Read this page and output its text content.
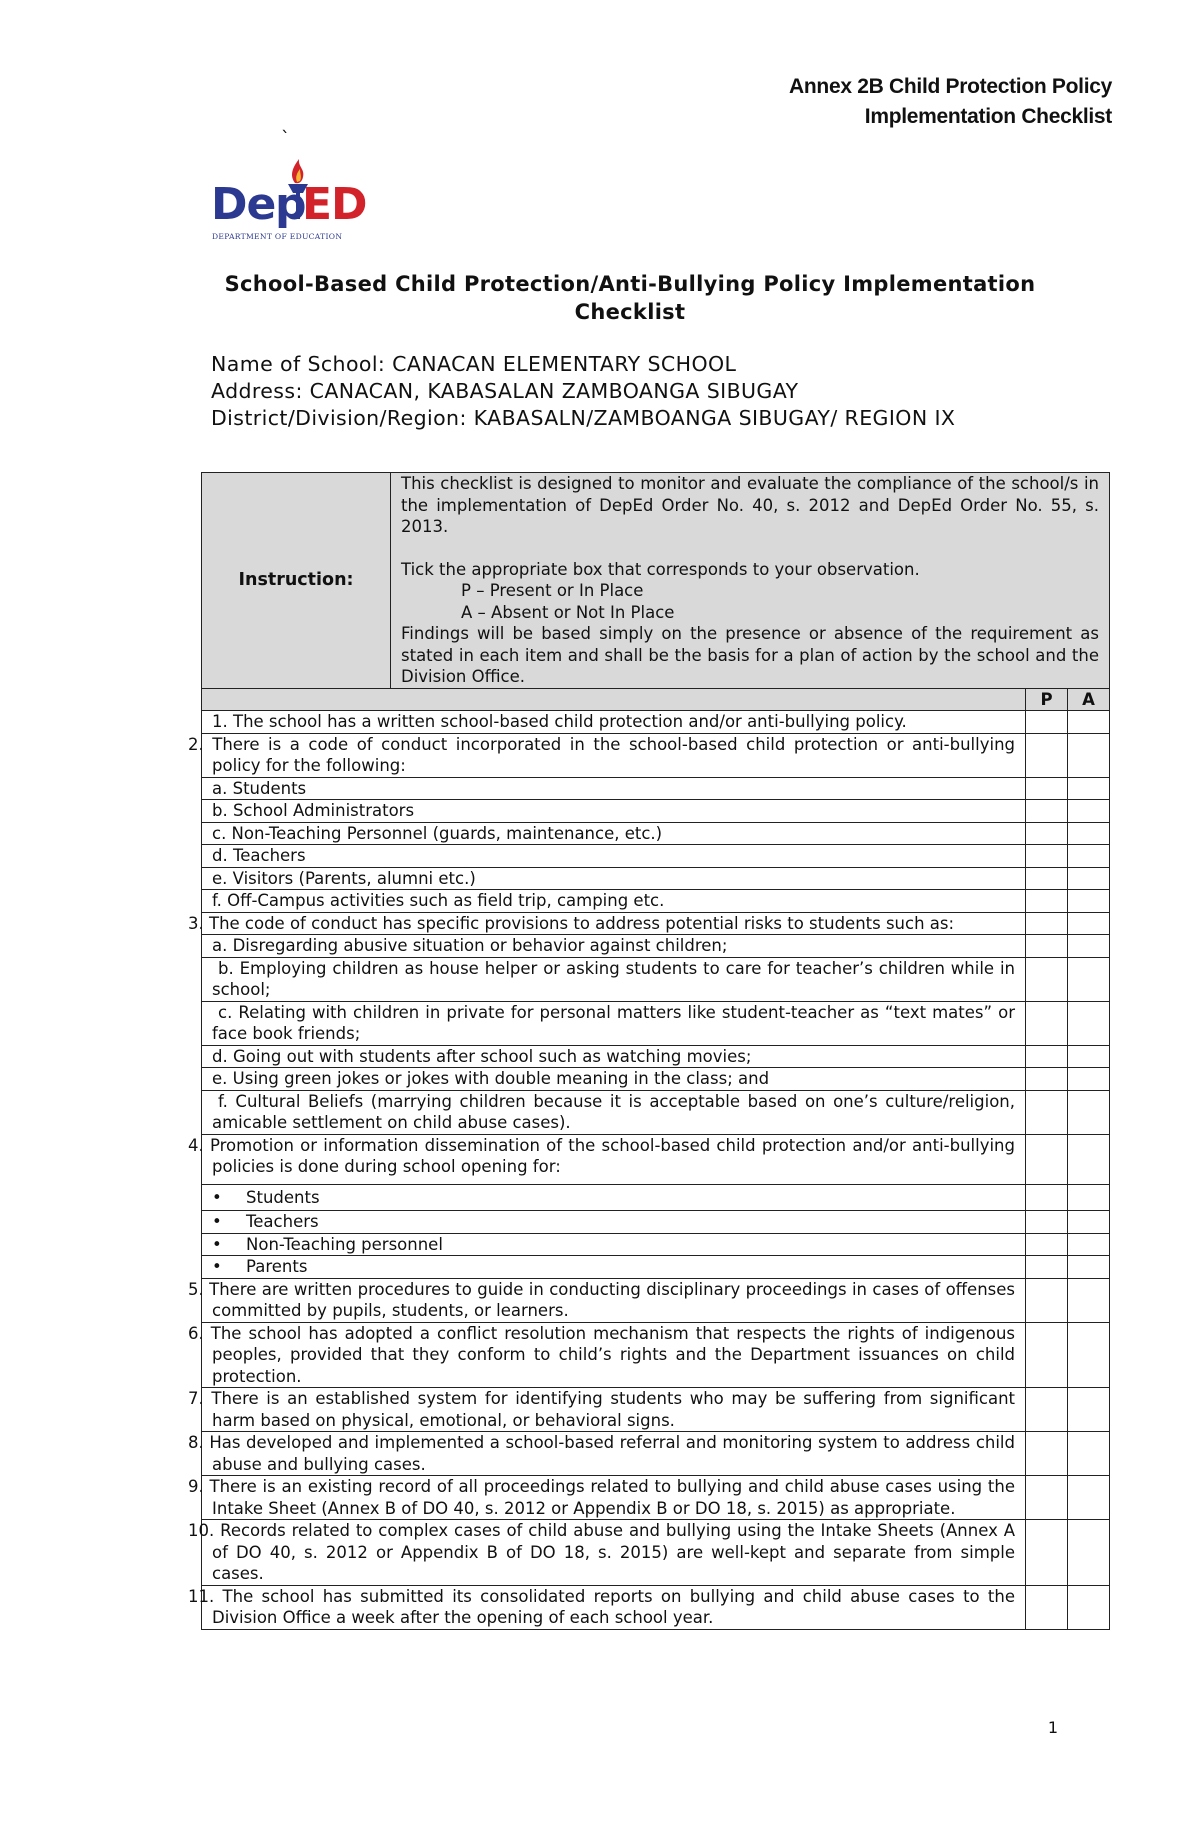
Annex 2B Child Protection Policy
Implementation Checklist
`
De p
ED
DEPARTMENT OF EDUCATION
School-Based Child Protection/Anti-Bullying Policy Implementation
Checklist
Name of School: CANACAN ELEMENTARY SCHOOL
Address: CANACAN, KABASALAN ZAMBOANGA SIBUGAY
District/Division/Region: KABASALN/ZAMBOANGA SIBUGAY/ REGION IX
Instruction:	This checklist is designed to monitor and evaluate the compliance of the school/s in the implementation of DepEd Order No. 40, s. 2012 and DepEd Order No. 55, s. 2013.
Tick the appropriate box that corresponds to your observation.
P – Present or In Place
A – Absent or Not In Place
Findings will be based simply on the presence or absence of the requirement as stated in each item and shall be the basis for a plan of action by the school and the Division Office.		

		P	A
1. The school has a written school-based child protection and/or anti-bullying policy.			
2. There is a code of conduct incorporated in the school-based child protection or anti-bullying policy for the following:			
a. Students			
b. School Administrators			
c. Non-Teaching Personnel (guards, maintenance, etc.)			
d. Teachers			
e. Visitors (Parents, alumni etc.)			
f. Off-Campus activities such as field trip, camping etc.			
3. The code of conduct has specific provisions to address potential risks to students such as:			
a. Disregarding abusive situation or behavior against children;			
b. Employing children as house helper or asking students to care for teacher’s children while in school;			
c. Relating with children in private for personal matters like student-teacher as “text mates” or face book friends;			
d. Going out with students after school such as watching movies;			
e. Using green jokes or jokes with double meaning in the class; and			
f. Cultural Beliefs (marrying children because it is acceptable based on one’s culture/religion, amicable settlement on child abuse cases).			
4. Promotion or information dissemination of the school-based child protection and/or anti-bullying policies is done during school opening for:			
• Students			
• Teachers			
• Non-Teaching personnel			
• Parents			
5. There are written procedures to guide in conducting disciplinary proceedings in cases of offenses committed by pupils, students, or learners.			
6. The school has adopted a conflict resolution mechanism that respects the rights of indigenous peoples, provided that they conform to child’s rights and the Department issuances on child protection.			
7. There is an established system for identifying students who may be suffering from significant harm based on physical, emotional, or behavioral signs.			
8. Has developed and implemented a school-based referral and monitoring system to address child abuse and bullying cases.			
9. There is an existing record of all proceedings related to bullying and child abuse cases using the Intake Sheet (Annex B of DO 40, s. 2012 or Appendix B or DO 18, s. 2015) as appropriate.			
10. Records related to complex cases of child abuse and bullying using the Intake Sheets (Annex A of DO 40, s. 2012 or Appendix B of DO 18, s. 2015) are well-kept and separate from simple cases.			
11. The school has submitted its consolidated reports on bullying and child abuse cases to the Division Office a week after the opening of each school year.			
1
